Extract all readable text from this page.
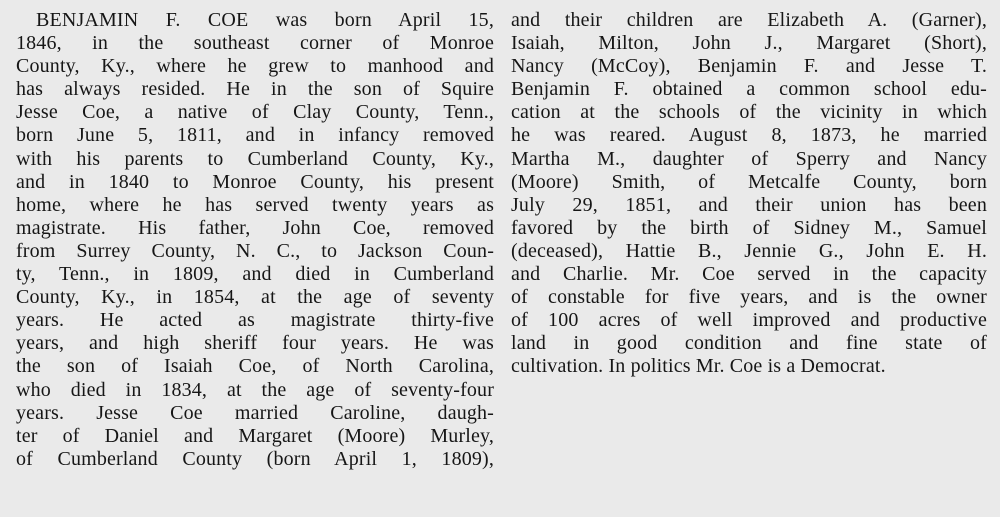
BENJAMIN F. COE was born April 15,
1846, in the southeast corner of Monroe
County, Ky., where he grew to manhood and
has always resided. He in the son of Squire
Jesse Coe, a native of Clay County, Tenn.,
born June 5, 1811, and in infancy removed
with his parents to Cumberland County, Ky.,
and in 1840 to Monroe County, his present
home, where he has served twenty years as
magistrate. His father, John Coe, removed
from Surrey County, N. C., to Jackson Coun-
ty, Tenn., in 1809, and died in Cumberland
County, Ky., in 1854, at the age of seventy
years. He acted as magistrate thirty-five
years, and high sheriff four years. He was
the son of Isaiah Coe, of North Carolina,
who died in 1834, at the age of seventy-four
years. Jesse Coe married Caroline, daugh-
ter of Daniel and Margaret (Moore) Murley,
of Cumberland County (born April 1, 1809),
and their children are Elizabeth A. (Garner),
Isaiah, Milton, John J., Margaret (Short),
Nancy (McCoy), Benjamin F. and Jesse T.
Benjamin F. obtained a common school edu-
cation at the schools of the vicinity in which
he was reared. August 8, 1873, he married
Martha M., daughter of Sperry and Nancy
(Moore) Smith, of Metcalfe County, born
July 29, 1851, and their union has been
favored by the birth of Sidney M., Samuel
(deceased), Hattie B., Jennie G., John E. H.
and Charlie. Mr. Coe served in the capacity
of constable for five years, and is the owner
of 100 acres of well improved and productive
land in good condition and fine state of
cultivation. In politics Mr. Coe is a Democrat.
